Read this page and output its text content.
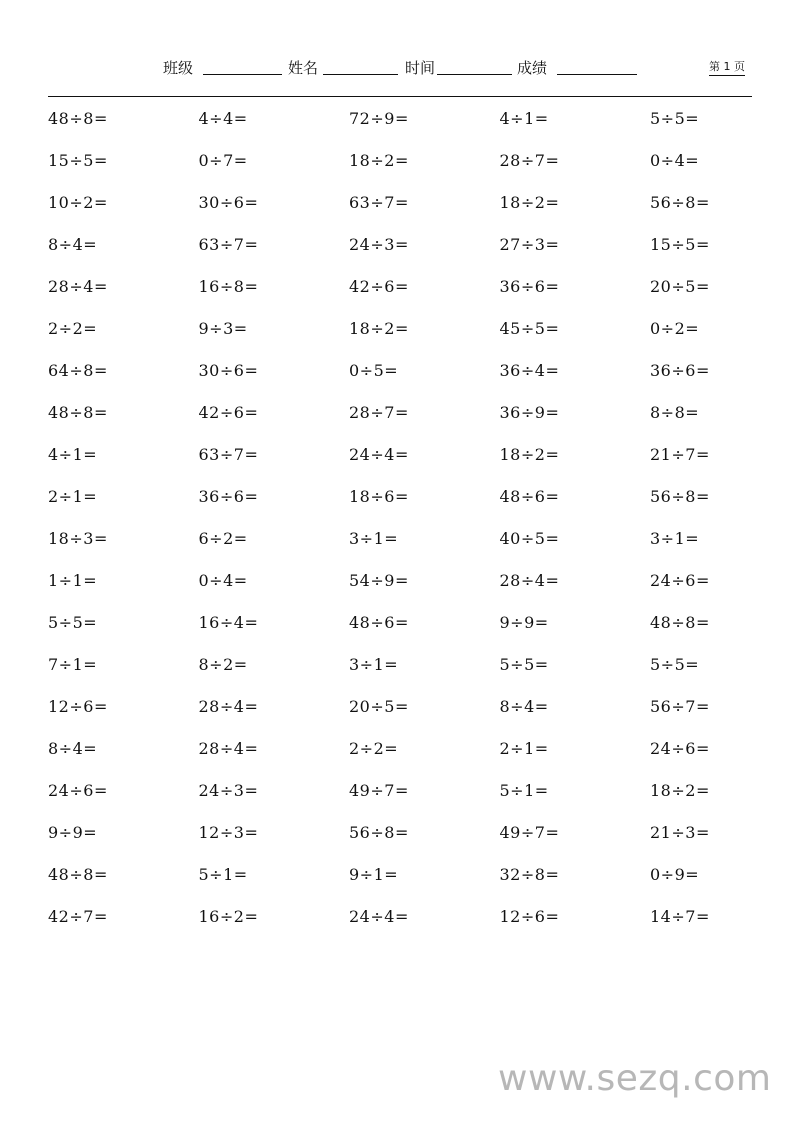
班级	姓名	时间	成绩	第 1 页
48÷8=	4÷4=	72÷9=	4÷1=	5÷5=
15÷5=	0÷7=	18÷2=	28÷7=	0÷4=
10÷2=	30÷6=	63÷7=	18÷2=	56÷8=
8÷4=	63÷7=	24÷3=	27÷3=	15÷5=
28÷4=	16÷8=	42÷6=	36÷6=	20÷5=
2÷2=	9÷3=	18÷2=	45÷5=	0÷2=
64÷8=	30÷6=	0÷5=	36÷4=	36÷6=
48÷8=	42÷6=	28÷7=	36÷9=	8÷8=
4÷1=	63÷7=	24÷4=	18÷2=	21÷7=
2÷1=	36÷6=	18÷6=	48÷6=	56÷8=
18÷3=	6÷2=	3÷1=	40÷5=	3÷1=
1÷1=	0÷4=	54÷9=	28÷4=	24÷6=
5÷5=	16÷4=	48÷6=	9÷9=	48÷8=
7÷1=	8÷2=	3÷1=	5÷5=	5÷5=
12÷6=	28÷4=	20÷5=	8÷4=	56÷7=
8÷4=	28÷4=	2÷2=	2÷1=	24÷6=
24÷6=	24÷3=	49÷7=	5÷1=	18÷2=
9÷9=	12÷3=	56÷8=	49÷7=	21÷3=
48÷8=	5÷1=	9÷1=	32÷8=	0÷9=
42÷7=	16÷2=	24÷4=	12÷6=	14÷7=
www.sezq.com
